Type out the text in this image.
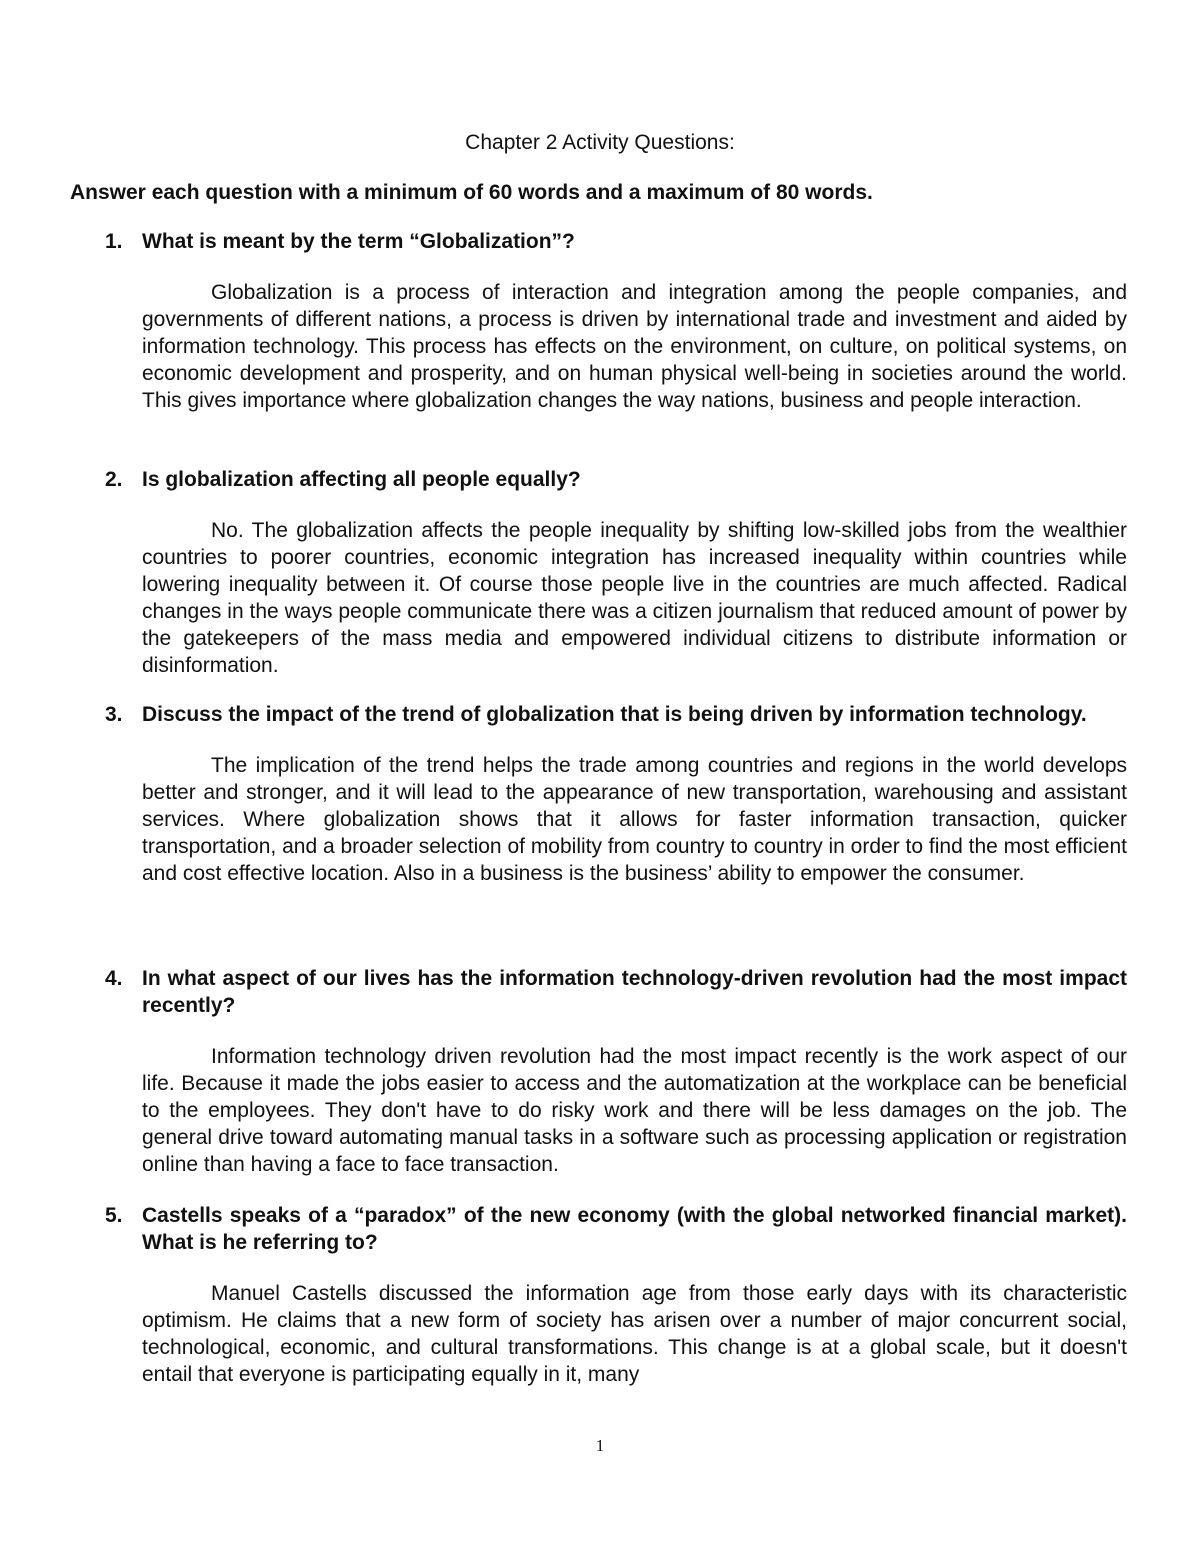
Chapter 2 Activity Questions:
Answer each question with a minimum of 60 words and a maximum of 80 words.
1. What is meant by the term “Globalization”?
Globalization is a process of interaction and integration among the people companies, and governments of different nations, a process is driven by international trade and investment and aided by information technology. This process has effects on the environment, on culture, on political systems, on economic development and prosperity, and on human physical well-being in societies around the world. This gives importance where globalization changes the way nations, business and people interaction.
2. Is globalization affecting all people equally?
No. The globalization affects the people inequality by shifting low-skilled jobs from the wealthier countries to poorer countries, economic integration has increased inequality within countries while lowering inequality between it. Of course those people live in the countries are much affected. Radical changes in the ways people communicate there was a citizen journalism that reduced amount of power by the gatekeepers of the mass media and empowered individual citizens to distribute information or disinformation.
3. Discuss the impact of the trend of globalization that is being driven by information technology.
The implication of the trend helps the trade among countries and regions in the world develops better and stronger, and it will lead to the appearance of new transportation, warehousing and assistant services. Where globalization shows that it allows for faster information transaction, quicker transportation, and a broader selection of mobility from country to country in order to find the most efficient and cost effective location. Also in a business is the business’ ability to empower the consumer.
4. In what aspect of our lives has the information technology-driven revolution had the most impact recently?
Information technology driven revolution had the most impact recently is the work aspect of our life. Because it made the jobs easier to access and the automatization at the workplace can be beneficial to the employees. They don't have to do risky work and there will be less damages on the job. The general drive toward automating manual tasks in a software such as processing application or registration online than having a face to face transaction.
5. Castells speaks of a “paradox” of the new economy (with the global networked financial market). What is he referring to?
Manuel Castells discussed the information age from those early days with its characteristic optimism. He claims that a new form of society has arisen over a number of major concurrent social, technological, economic, and cultural transformations. This change is at a global scale, but it doesn't entail that everyone is participating equally in it, many
1
